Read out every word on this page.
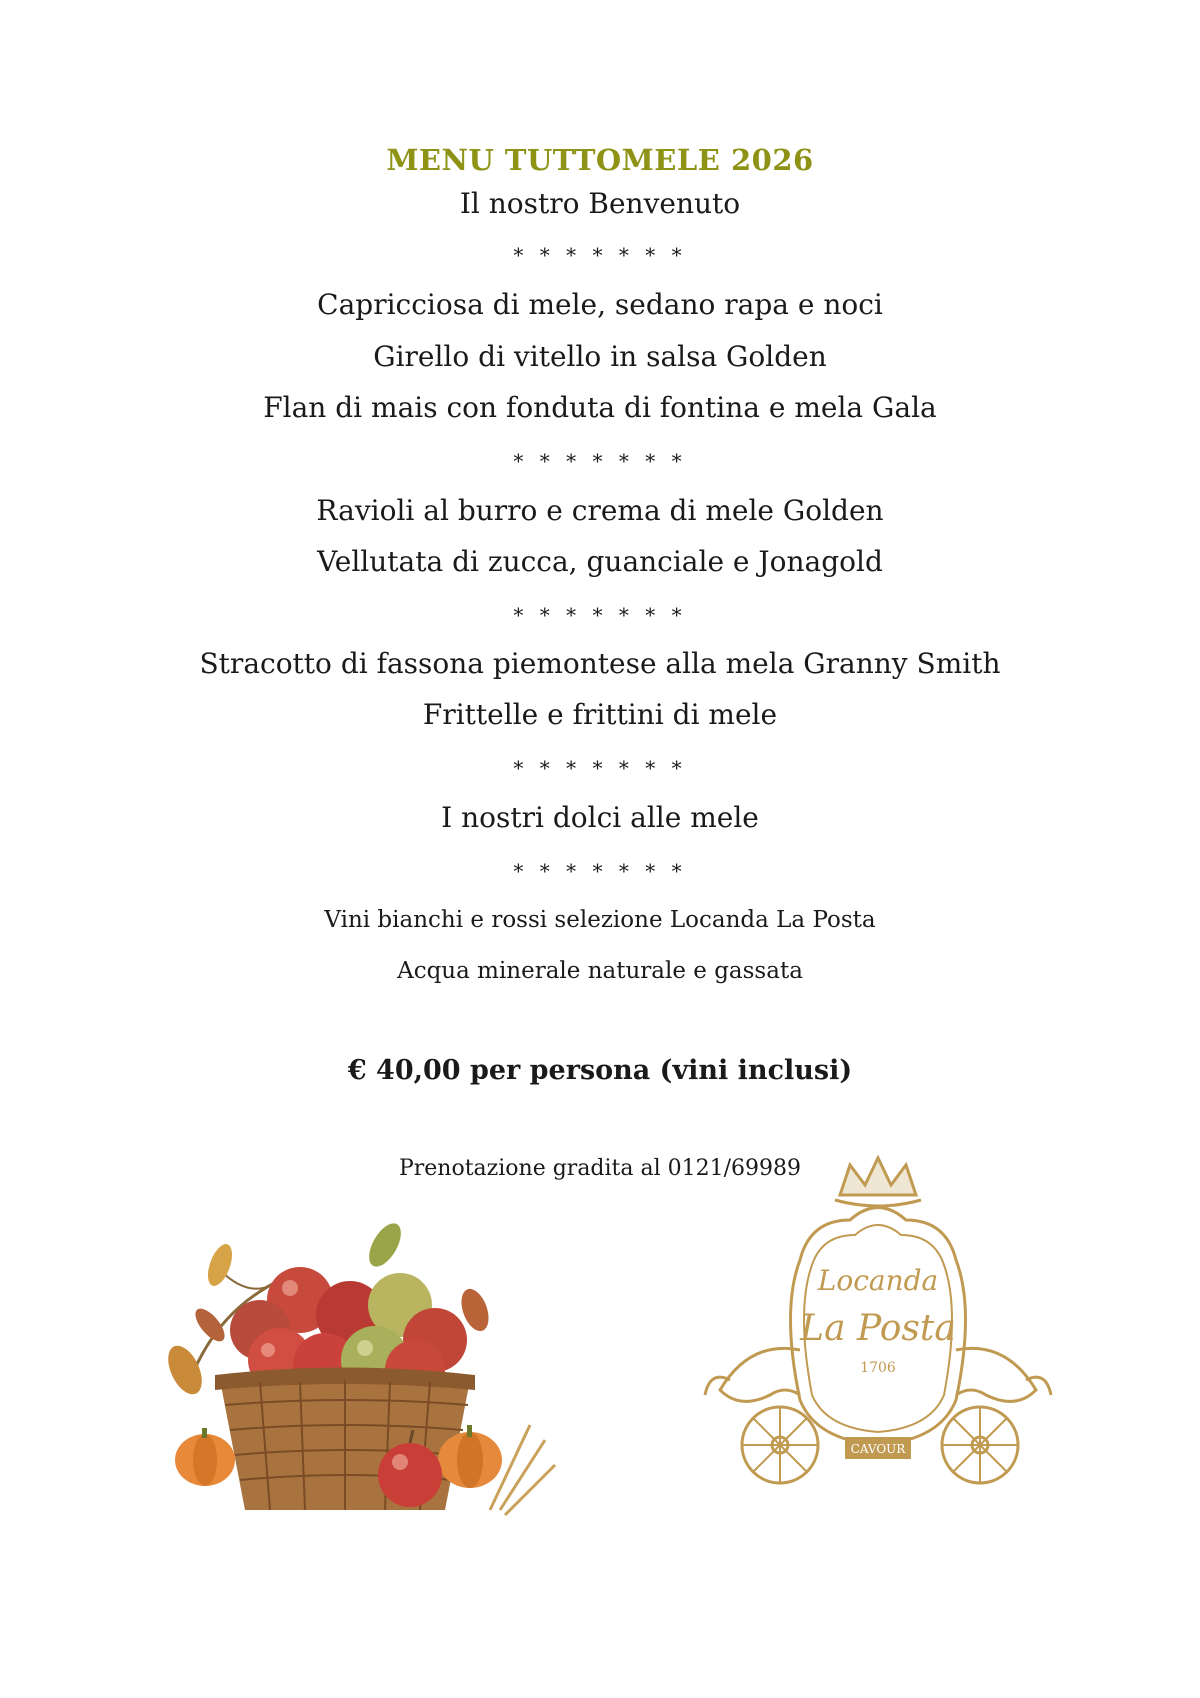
MENU TUTTOMELE 2026
Il nostro Benvenuto
* * * * * * *
Capricciosa di mele, sedano rapa e noci
Girello di vitello in salsa Golden
Flan di mais con fonduta di fontina e mela Gala
* * * * * * *
Ravioli al burro e crema di mele Golden
Vellutata di zucca, guanciale e Jonagold
* * * * * * *
Stracotto di fassona piemontese alla mela Granny Smith
Frittelle e frittini di mele
* * * * * * *
I nostri dolci alle mele
* * * * * * *
Vini bianchi e rossi selezione Locanda La Posta
Acqua minerale naturale e gassata
€ 40,00 per persona (vini inclusi)
Prenotazione gradita al 0121/69989
CAVOUR
Locanda
La Posta
1706
